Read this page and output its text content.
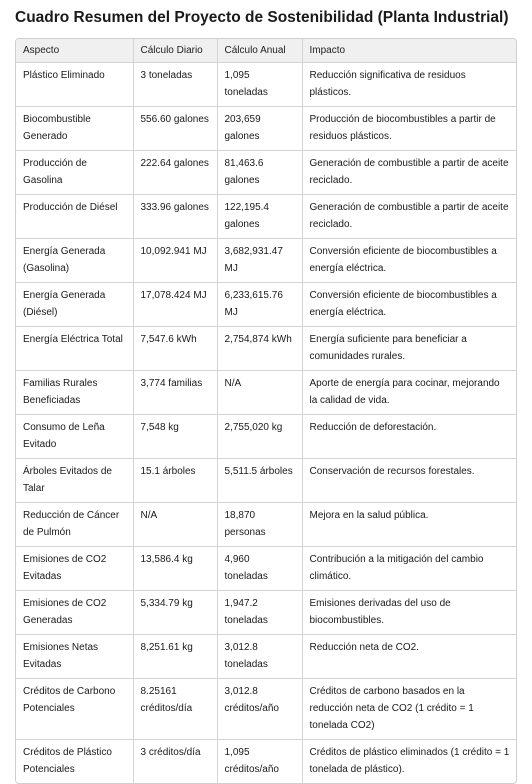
Cuadro Resumen del Proyecto de Sostenibilidad (Planta Industrial)
Aspecto	Cálculo Diario	Cálculo Anual	Impacto
Plástico Eliminado	3 toneladas	1,095 toneladas	Reducción significativa de residuos plásticos.
Biocombustible Generado	556.60 galones	203,659 galones	Producción de biocombustibles a partir de residuos plásticos.
Producción de Gasolina	222.64 galones	81,463.6 galones	Generación de combustible a partir de aceite reciclado.
Producción de Diésel	333.96 galones	122,195.4 galones	Generación de combustible a partir de aceite reciclado.
Energía Generada (Gasolina)	10,092.941 MJ	3,682,931.47 MJ	Conversión eficiente de biocombustibles a energía eléctrica.
Energía Generada (Diésel)	17,078.424 MJ	6,233,615.76 MJ	Conversión eficiente de biocombustibles a energía eléctrica.
Energía Eléctrica Total	7,547.6 kWh	2,754,874 kWh	Energía suficiente para beneficiar a comunidades rurales.
Familias Rurales Beneficiadas	3,774 familias	N/A	Aporte de energía para cocinar, mejorando la calidad de vida.
Consumo de Leña Evitado	7,548 kg	2,755,020 kg	Reducción de deforestación.
Árboles Evitados de Talar	15.1 árboles	5,511.5 árboles	Conservación de recursos forestales.
Reducción de Cáncer de Pulmón	N/A	18,870 personas	Mejora en la salud pública.
Emisiones de CO2 Evitadas	13,586.4 kg	4,960 toneladas	Contribución a la mitigación del cambio climático.
Emisiones de CO2 Generadas	5,334.79 kg	1,947.2 toneladas	Emisiones derivadas del uso de biocombustibles.
Emisiones Netas Evitadas	8,251.61 kg	3,012.8 toneladas	Reducción neta de CO2.
Créditos de Carbono Potenciales	8.25161 créditos/día	3,012.8 créditos/año	Créditos de carbono basados en la reducción neta de CO2 (1 crédito = 1 tonelada CO2)
Créditos de Plástico Potenciales	3 créditos/día	1,095 créditos/año	Créditos de plástico eliminados (1 crédito = 1 tonelada de plástico).
